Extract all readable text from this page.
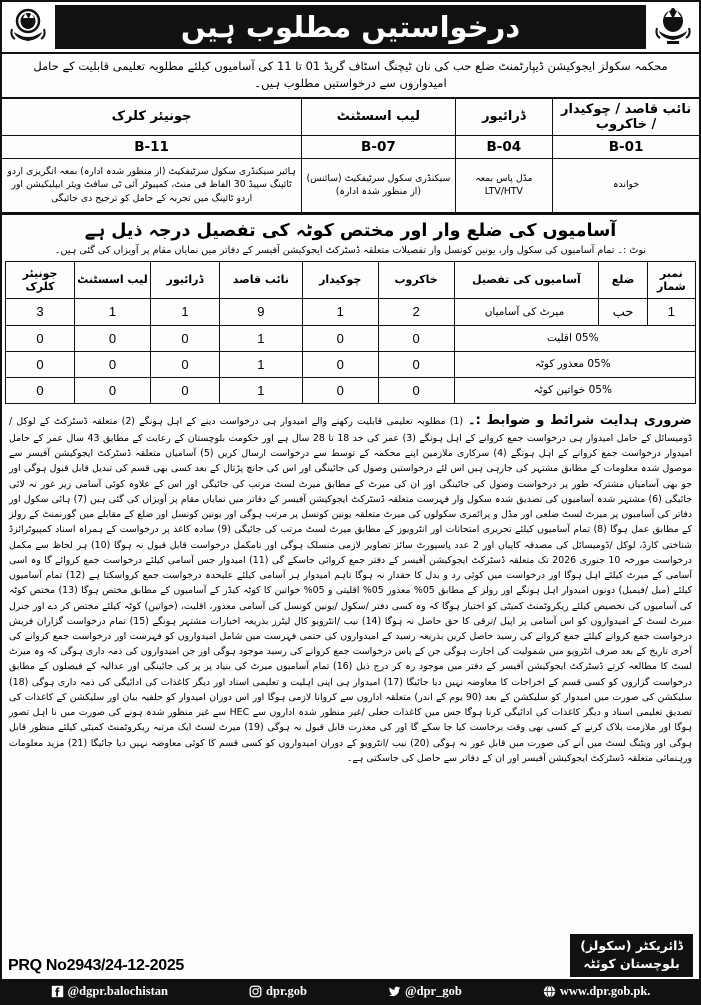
درخواستیں مطلوب ہیں
محکمہ سکولز ایجوکیشن ڈیپارٹمنٹ ضلع حب کی نان ٹیچنگ اسٹاف گریڈ 01 تا 11 کی آسامیوں کیلئے مطلوبہ تعلیمی قابلیت کے حامل امیدواروں سے درخواستیں مطلوب ہیں۔
نائب قاصد / چوکیدار / خاکروب	ڈرائیور	لیب اسسٹنٹ	جونیئر کلرک
B-01	B-04	B-07	B-11
خواندہ	مڈل پاس بمعہ LTV/HTV	سیکنڈری سکول سرٹیفکیٹ (سائنس) (از منظور شدہ ادارہ)	ہائیر سیکنڈری سکول سرٹیفکیٹ (از منظور شدہ ادارہ) بمعہ انگریزی اردو ٹائپنگ سپیڈ 30 الفاظ فی منٹ، کمپیوٹر آئی ٹی سافٹ ویئر ایپلیکیشن اور اردو ٹائپنگ میں تجربہ کے حامل کو ترجیح دی جائیگی
آسامیوں کی ضلع وار اور مختص کوٹہ کی تفصیل درجہ ذیل ہے
نوٹ :۔ تمام آسامیوں کی سکول وار، یونین کونسل وار تفصیلات متعلقہ ڈسٹرکٹ ایجوکیشن آفیسر کے دفاتر میں نمایاں مقام پر آویزاں کی گئی ہیں۔
نمبر شمار	ضلع	آسامیوں کی تفصیل	خاکروب	چوکیدار	نائب قاصد	ڈرائیور	لیب اسسٹنٹ	جونیئر کلرک
1	حب	میرٹ کی آسامیاں	2	1	9	1	1	3
05% اقلیت			0	0	1	0	0	0
05% معذور کوٹہ			0	0	1	0	0	0
05% خواتین کوٹہ			0	0	1	0	0	0
ضروری ہدایت شرائط و ضوابط :۔(1) مطلوبہ تعلیمی قابلیت رکھنے والے امیدوار ہی درخواست دینے کے اہل ہونگے (2) متعلقہ ڈسٹرکٹ کے لوکل /ڈومیسائل کے حامل امیدوار ہی درخواست جمع کروانے کے اہل ہونگے (3) عمر کی حد 18 تا 28 سال ہے اور حکومت بلوچستان کے رعایت کے مطابق 43 سال عمر کے حامل امیدوار درخواست جمع کروانے کے اہل ہونگے (4) سرکاری ملازمین اپنے محکمہ کے توسط سے درخواست ارسال کریں (5) آسامیاں متعلقہ ڈسٹرکٹ ایجوکیشن آفیسر سے موصول شدہ معلومات کے مطابق مشتہر کی جارہی ہیں اس لئے درخواستیں وصول کی جائینگی اور اس کی جانچ پڑتال کے بعد کسی بھی قسم کی تبدیل قابل قبول ہوگی اور جو بھی آسامیاں مشترکہ طور پر درخواست وصول کی جائینگی اور ان کی میرٹ کے مطابق میرٹ لسٹ مرتب کی جائیگی اور اس کے علاوہ کوئی آسامی زیر غور نہ لائی جائیگی (6) مشتہر شدہ آسامیوں کی تصدیق شدہ سکول وار فہرست متعلقہ ڈسٹرکٹ ایجوکیشن آفیسر کے دفاتر میں نمایاں مقام پر آویزاں کی گئی ہیں (7) ہائی سکول اور دفاتر کی آسامیوں پر میرٹ لسٹ ضلعی اور مڈل و پرائمری سکولوں کی میرٹ متعلقہ یونین کونسل پر مرتب ہوگی اور یونین کونسل اور ضلع کے مقابلے میں گورنمنٹ کے رولز کے مطابق عمل ہوگا (8) تمام آسامیوں کیلئے تحریری امتحانات اور انٹرویوز کے مطابق میرٹ لسٹ مرتب کی جائیگی (9) سادہ کاغذ پر درخواست کے ہمراہ اسناد کمپیوٹرائزڈ شناختی کارڈ، لوکل /ڈومیسائل کی مصدقہ کاپیاں اور 2 عدد پاسپورٹ سائز تصاویر لازمی منسلک ہوگی اور نامکمل درخواست قابل قبول نہ ہوگا (10) ہر لحاظ سے مکمل درخواست مورخہ 10 جنوری 2026 تک متعلقہ ڈسٹرکٹ ایجوکیشن آفیسر کے دفتر جمع کروائی جاسکے گی (11) امیدوار جس آسامی کیلئے درخواست جمع کروائے گا وہ اسی آسامی کے میرٹ کیلئے اہل ہوگا اور درخواست میں کوئی رد و بدل کا حقدار نہ ہوگا تاہم امیدوار ہر آسامی کیلئے علیحدہ درخواست جمع کرواسکتا ہے (12) تمام آسامیوں کیلئے (میل /فیمیل) دونوں امیدوار اہل ہونگے اور رولز کے مطابق 05% معذور 05% اقلیتی و 05% خواتین کا کوٹہ کیڈر کے آسامیوں کے مطابق مختص ہوگا (13) مختص کوٹہ کی آسامیوں کی تخصیص کیلئے ریکروٹمنٹ کمیٹی کو اختیار ہوگا کہ وہ کسی دفتر /سکول /یونین کونسل کی آسامی معذور، اقلیت، (خواتین) کوٹہ کیلئے مختص کر دے اور جنرل میرٹ لسٹ کے امیدواروں کو اس آسامی پر اپیل /ترقی کا حق حاصل نہ ہوگا (14) نیب /انٹرویو کال لیٹرز بذریعہ اخبارات مشتہر ہونگے (15) تمام درخواست گزاران فریش درخواست جمع کروانے کیلئے جمع کروانے کی رسید حاصل کریں بذریعہ رسید کے امیدواروں کی حتمی فہرست میں شامل امیدواروں کو فہرست اور درخواست جمع کروانے کی آخری تاریخ کے بعد صرف انٹرویو میں شمولیت کی اجازت ہوگی جن کے پاس درخواست جمع کروانے کی رسید موجود ہوگی اور جن امیدواروں کی ذمہ داری ہوگی کہ وہ میرٹ لسٹ کا مطالعہ کرتے ڈسٹرکٹ ایجوکیشن آفیسر کے دفتر میں موجود رہ کر درج ذیل (16) تمام آسامیوں میرٹ کی بنیاد پر پر کی جائینگی اور عدالیہ کے فیصلوں کے مطابق درخواست گزاروں کو کسی قسم کے اخراجات کا معاوضہ نہیں دیا جائیگا (17) امیدوار ہی اپنی اہلیت و تعلیمی اسناد اور دیگر کاغذات کی ادائیگی کی ذمہ داری ہوگی (18) سلیکشن کی صورت میں امیدوار کو سلیکشن کے بعد (90 یوم کے اندر) متعلقہ اداروں سے کروانا لازمی ہوگا اور اس دوران امیدوار کو حلفیہ بیان اور سلیکشن کے کاغذات کی تصدیق تعلیمی اسناد و دیگر کاغذات کی ادائیگی کرنا ہوگا جس میں کاغذات جعلی /غیر منظور شدہ اداروں سے HEC سے غیر منظور شدہ ہونے کی صورت میں نا اہل تصور ہوگا اور ملازمت بلاک کرنے کے کسی بھی وقت برخاست کیا جا سکے گا اور کی معذرت قابل قبول نہ ہوگی (19) میرٹ لسٹ ایک مرتبہ ریکروٹمنٹ کمیٹی کیلئے منظور قابل ہوگی اور ویٹنگ لسٹ میں آنے کی صورت میں قابل غور نہ ہوگی (20) نیب /انٹرویو کے دوران امیدواروں کو کسی قسم کا کوئی معاوضہ نہیں دیا جائیگا (21) مزید معلومات ورہنمائی متعلقہ ڈسٹرکٹ ایجوکیشن آفیسر اور ان کے دفاتر سے حاصل کی جاسکتی ہے۔
ڈائریکٹر (سکولز)
بلوچستان کوئٹہ
PRQ No2943/24-12-2025
www.dpr.gob.pk.
@dpr_gob
dpr.gob
@dgpr.balochistan
